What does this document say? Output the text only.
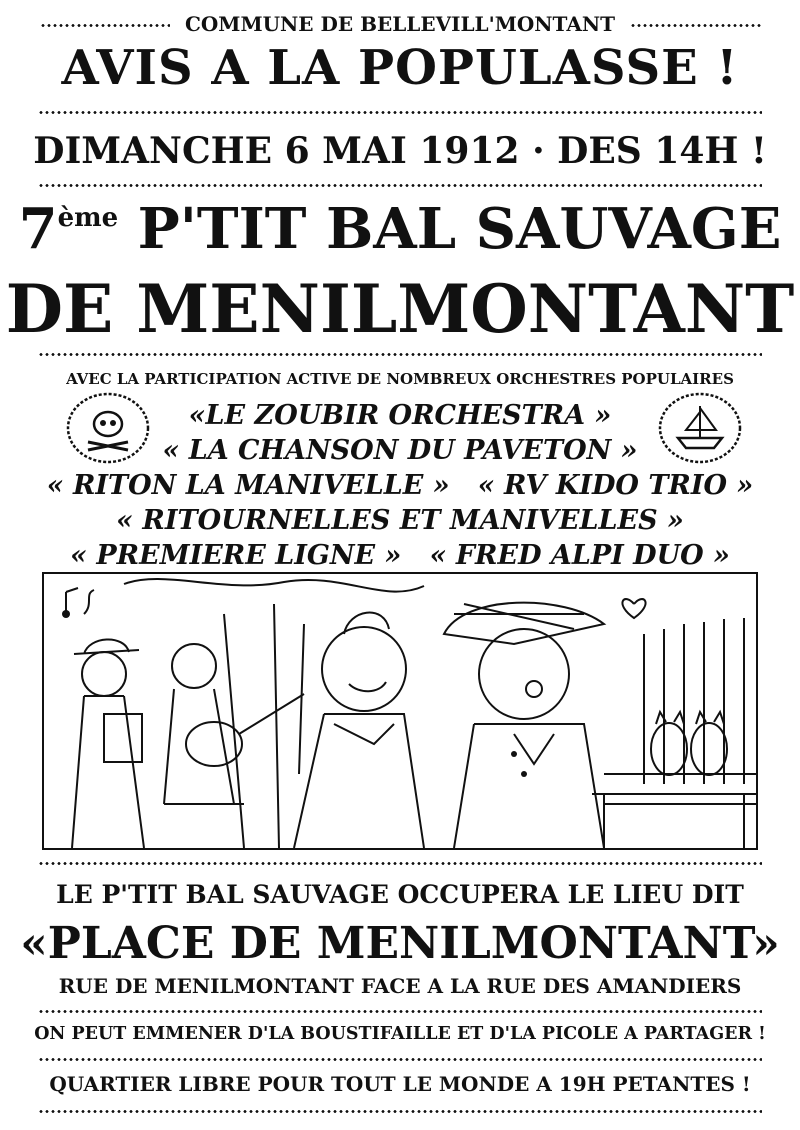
COMMUNE DE BELLEVILL'MONTANT
AVIS A LA POPULASSE !
DIMANCHE 6 MAI 1912 · DES 14H !
7ème P'TIT BAL SAUVAGE
DE MENILMONTANT
AVEC LA PARTICIPATION ACTIVE DE NOMBREUX ORCHESTRES POPULAIRES
«LE ZOUBIR ORCHESTRA »
« LA CHANSON DU PAVETON »
« RITON LA MANIVELLE »   « RV KIDO TRIO »
« RITOURNELLES ET MANIVELLES »
« PREMIERE LIGNE »   « FRED ALPI DUO »
LE P'TIT BAL SAUVAGE OCCUPERA LE LIEU DIT
«PLACE DE MENILMONTANT»
RUE DE MENILMONTANT FACE A LA RUE DES AMANDIERS
ON PEUT EMMENER D'LA BOUSTIFAILLE ET D'LA PICOLE A PARTAGER !
QUARTIER LIBRE POUR TOUT LE MONDE A 19H PETANTES !
